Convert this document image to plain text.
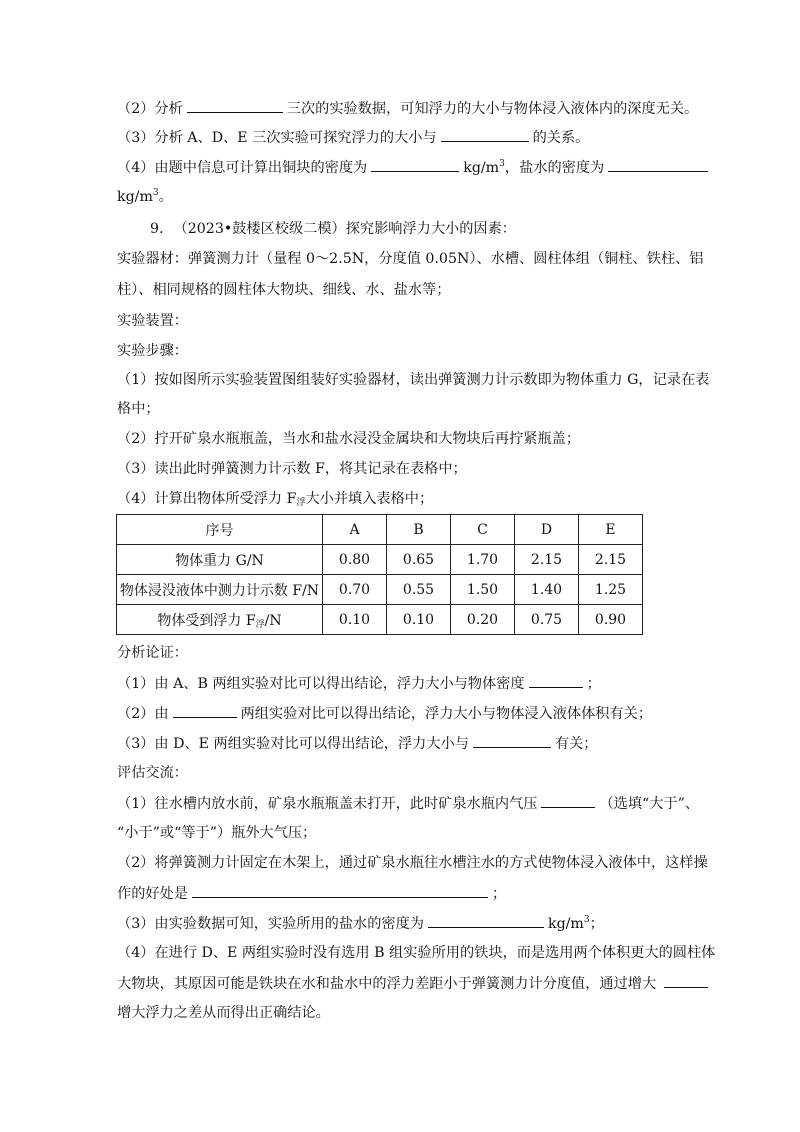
（2）分析	三次的实验数据，可知浮力的大小与物体浸入液体内的深度无关。
（3）分析 A、D、E 三次实验可探究浮力的大小与	的关系。
（4）由题中信息可计算出铜块的密度为	$kg/m^3$，盐水的密度为
$kg/m^3$。
9. （2023•鼓楼区校级二模）探究影响浮力大小的因素：
实验器材：弹簧测力计（量程 0～2.5N，分度值 0.05N）、水槽、圆柱体组（铜柱、铁柱、铝
柱）、相同规格的圆柱体大物块、细线、水、盐水等；
实验装置：
实验步骤：
（1）按如图所示实验装置图组装好实验器材，读出弹簧测力计示数即为物体重力 G，记录在表
格中；
（2）拧开矿泉水瓶瓶盖，当水和盐水浸没金属块和大物块后再拧紧瓶盖；
（3）读出此时弹簧测力计示数 F，将其记录在表格中；
（4）计算出物体所受浮力 $F_浮$大小并填入表格中；
序号	A	B	C	D	E
物体重力 G/N	0.80	0.65	1.70	2.15	2.15
物体浸没液体中测力计示数 F/N	0.70	0.55	1.50	1.40	1.25
物体受到浮力 $F_浮/N$	0.10	0.10	0.20	0.75	0.90
分析论证：
（1）由 A、B 两组实验对比可以得出结论，浮力大小与物体密度	；
（2）由	两组实验对比可以得出结论，浮力大小与物体浸入液体体积有关；
（3）由 D、E 两组实验对比可以得出结论，浮力大小与	有关；
评估交流：
（1）往水槽内放水前，矿泉水瓶瓶盖未打开，此时矿泉水瓶内气压	（选填“大于”、
“小于”或“等于”）瓶外大气压；
（2）将弹簧测力计固定在木架上，通过矿泉水瓶往水槽注水的方式使物体浸入液体中，这样操
作的好处是	；
（3）由实验数据可知，实验所用的盐水的密度为	$kg/m^3$；
（4）在进行 D、E 两组实验时没有选用 B 组实验所用的铁块，而是选用两个体积更大的圆柱体
大物块，其原因可能是铁块在水和盐水中的浮力差距小于弹簧测力计分度值，通过增大
增大浮力之差从而得出正确结论。
